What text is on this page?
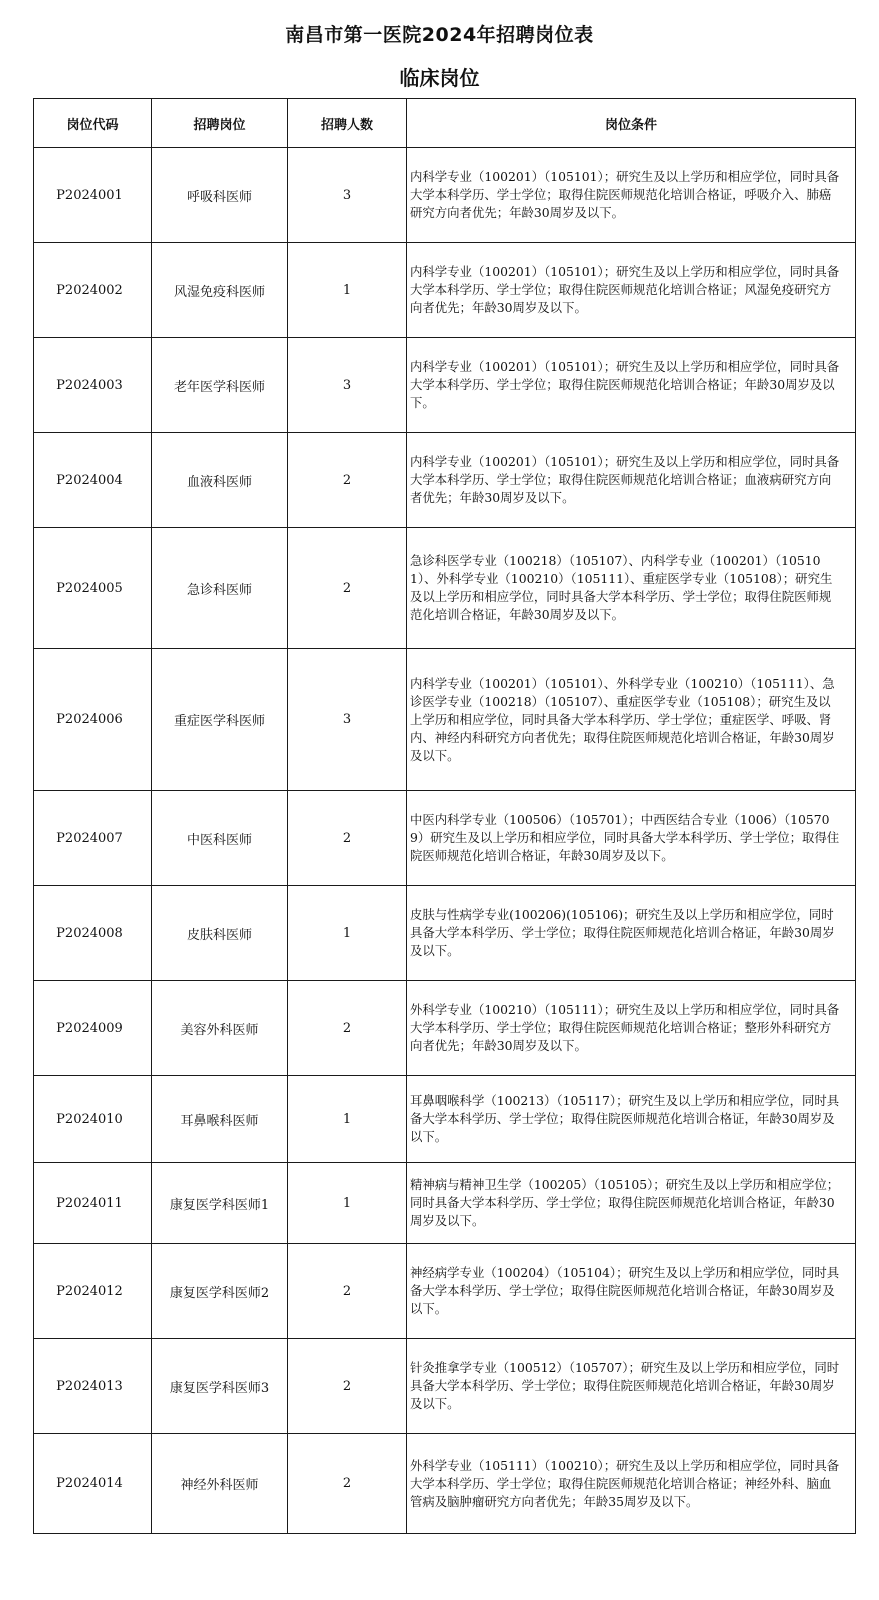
南昌市第一医院2024年招聘岗位表
临床岗位
岗位代码	招聘岗位	招聘人数	岗位条件
P2024001	呼吸科医师	3	内科学专业（100201）（105101）；研究生及以上学历和相应学位，同时具备大学本科学历、学士学位；取得住院医师规范化培训合格证，呼吸介入、肺癌研究方向者优先；年龄30周岁及以下。
P2024002	风湿免疫科医师	1	内科学专业（100201）（105101）；研究生及以上学历和相应学位，同时具备大学本科学历、学士学位；取得住院医师规范化培训合格证；风湿免疫研究方向者优先；年龄30周岁及以下。
P2024003	老年医学科医师	3	内科学专业（100201）（105101）；研究生及以上学历和相应学位，同时具备大学本科学历、学士学位；取得住院医师规范化培训合格证；年龄30周岁及以下。
P2024004	血液科医师	2	内科学专业（100201）（105101）；研究生及以上学历和相应学位，同时具备大学本科学历、学士学位；取得住院医师规范化培训合格证；血液病研究方向者优先；年龄30周岁及以下。
P2024005	急诊科医师	2	急诊科医学专业（100218）（105107）、内科学专业（100201）（105101）、外科学专业（100210）（105111）、重症医学专业（105108）；研究生及以上学历和相应学位，同时具备大学本科学历、学士学位；取得住院医师规范化培训合格证，年龄30周岁及以下。
P2024006	重症医学科医师	3	内科学专业（100201）（105101）、外科学专业（100210）（105111）、急诊医学专业（100218）（105107）、重症医学专业（105108）；研究生及以上学历和相应学位，同时具备大学本科学历、学士学位；重症医学、呼吸、肾内、神经内科研究方向者优先；取得住院医师规范化培训合格证，年龄30周岁及以下。
P2024007	中医科医师	2	中医内科学专业（100506）（105701）；中西医结合专业（1006）（105709）研究生及以上学历和相应学位，同时具备大学本科学历、学士学位；取得住院医师规范化培训合格证，年龄30周岁及以下。
P2024008	皮肤科医师	1	皮肤与性病学专业(100206)(105106)；研究生及以上学历和相应学位，同时具备大学本科学历、学士学位；取得住院医师规范化培训合格证，年龄30周岁及以下。
P2024009	美容外科医师	2	外科学专业（100210）（105111）；研究生及以上学历和相应学位，同时具备大学本科学历、学士学位；取得住院医师规范化培训合格证；整形外科研究方向者优先；年龄30周岁及以下。
P2024010	耳鼻喉科医师	1	耳鼻咽喉科学（100213）（105117）；研究生及以上学历和相应学位，同时具备大学本科学历、学士学位；取得住院医师规范化培训合格证，年龄30周岁及以下。
P2024011	康复医学科医师1	1	精神病与精神卫生学（100205）（105105）；研究生及以上学历和相应学位；同时具备大学本科学历、学士学位；取得住院医师规范化培训合格证，年龄30周岁及以下。
P2024012	康复医学科医师2	2	神经病学专业（100204）（105104）；研究生及以上学历和相应学位，同时具备大学本科学历、学士学位；取得住院医师规范化培训合格证，年龄30周岁及以下。
P2024013	康复医学科医师3	2	针灸推拿学专业（100512）（105707）；研究生及以上学历和相应学位，同时具备大学本科学历、学士学位；取得住院医师规范化培训合格证，年龄30周岁及以下。
P2024014	神经外科医师	2	外科学专业（105111）（100210）；研究生及以上学历和相应学位，同时具备大学本科学历、学士学位；取得住院医师规范化培训合格证；神经外科、脑血管病及脑肿瘤研究方向者优先；年龄35周岁及以下。
